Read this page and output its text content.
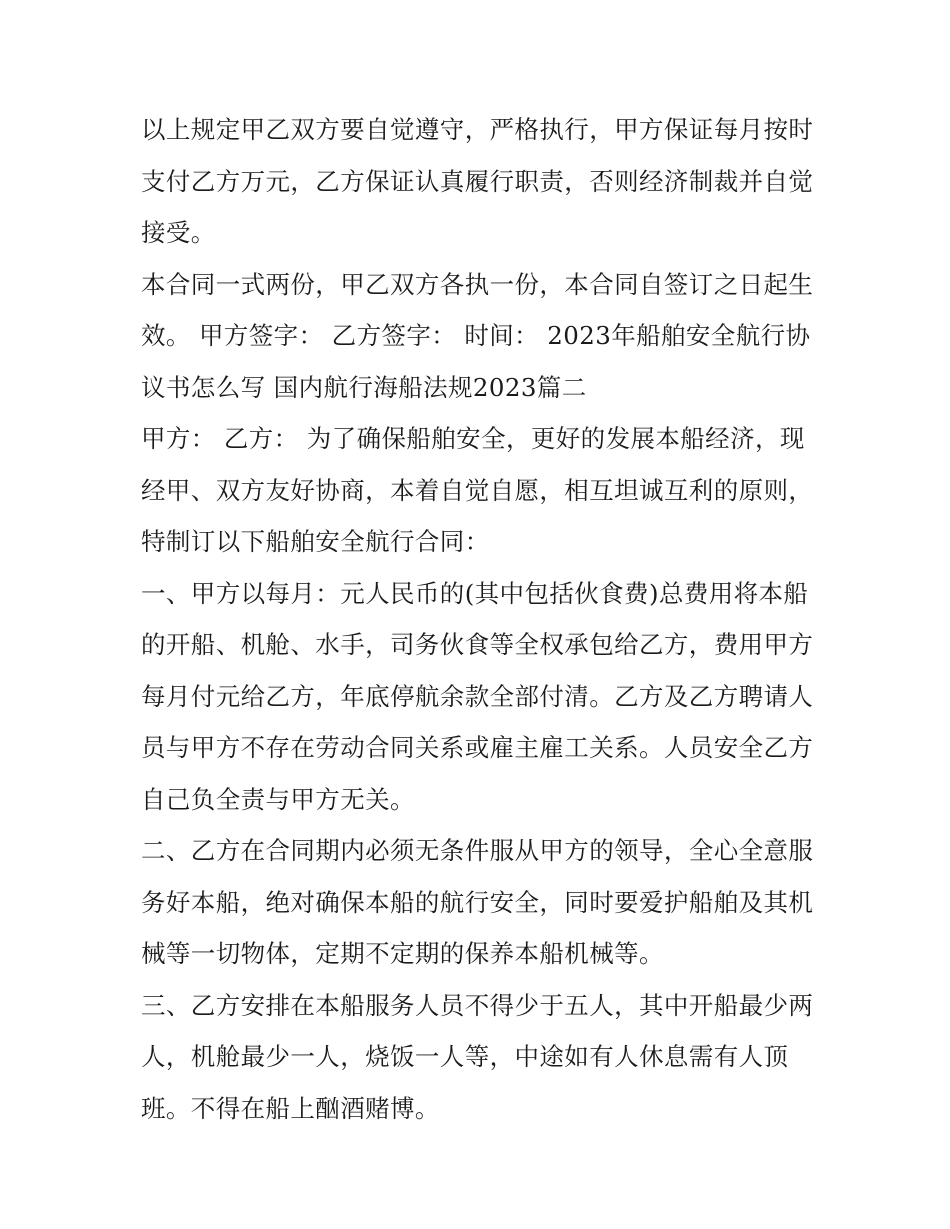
以上规定甲乙双方要自觉遵守，严格执行，甲方保证每月按时支付乙方万元，乙方保证认真履行职责，否则经济制裁并自觉接受。

本合同一式两份，甲乙双方各执一份，本合同自签订之日起生效。 甲方签字： 乙方签字： 时间： 2023年船舶安全航行协议书怎么写 国内航行海船法规2023篇二

甲方： 乙方： 为了确保船舶安全，更好的发展本船经济，现经甲、双方友好协商，本着自觉自愿，相互坦诚互利的原则，特制订以下船舶安全航行合同：

一、甲方以每月：元人民币的(其中包括伙食费)总费用将本船的开船、机舱、水手，司务伙食等全权承包给乙方，费用甲方每月付元给乙方，年底停航余款全部付清。乙方及乙方聘请人员与甲方不存在劳动合同关系或雇主雇工关系。人员安全乙方自己负全责与甲方无关。

二、乙方在合同期内必须无条件服从甲方的领导，全心全意服务好本船，绝对确保本船的航行安全，同时要爱护船舶及其机械等一切物体，定期不定期的保养本船机械等。

三、乙方安排在本船服务人员不得少于五人，其中开船最少两人，机舱最少一人，烧饭一人等，中途如有人休息需有人顶班。不得在船上酗酒赌博。
